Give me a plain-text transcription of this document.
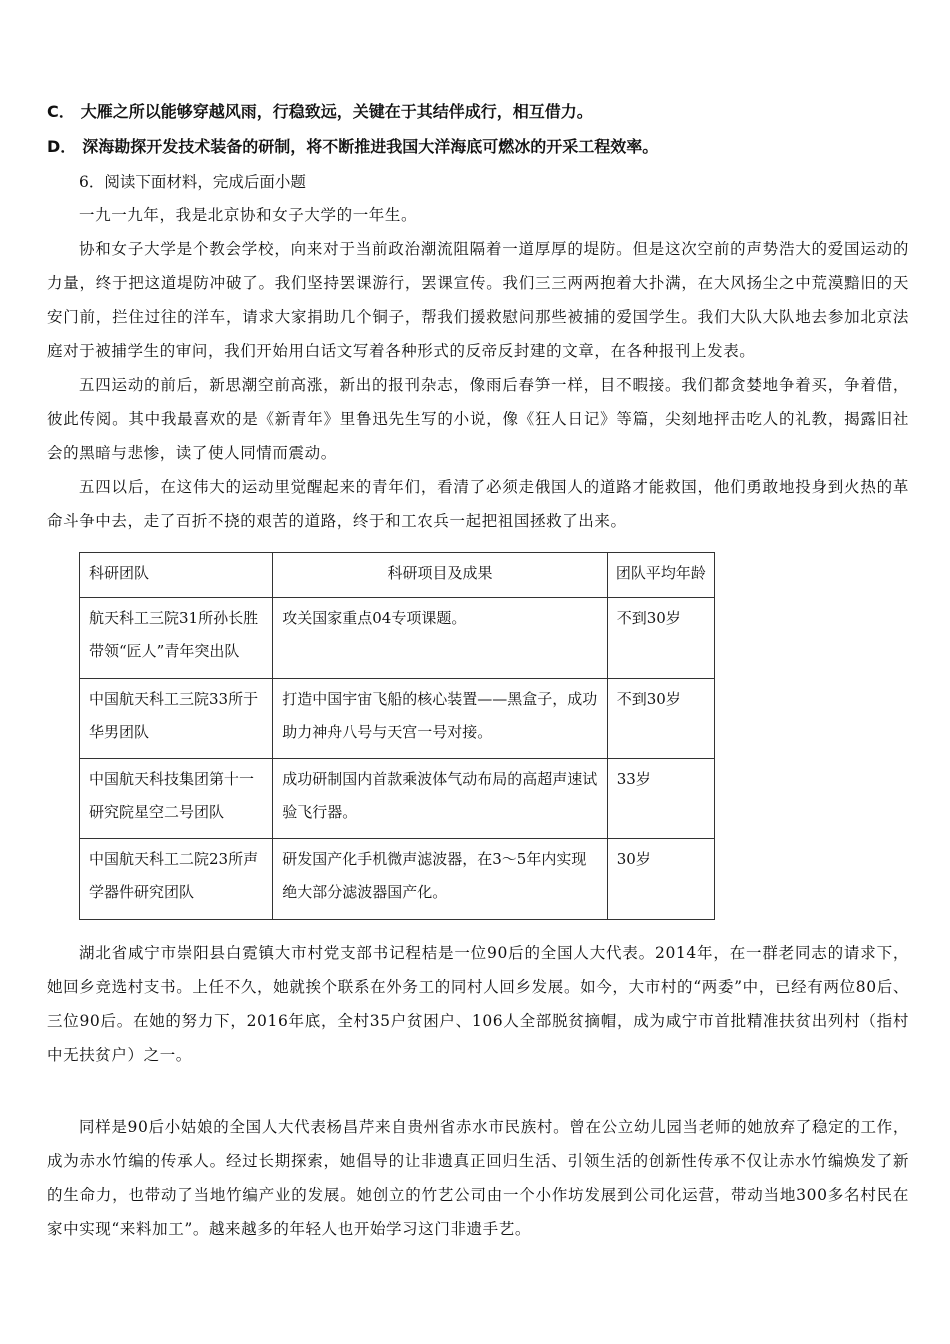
C． 大雁之所以能够穿越风雨，行稳致远，关键在于其结伴成行，相互借力。
D． 深海勘探开发技术装备的研制，将不断推进我国大洋海底可燃冰的开采工程效率。
6．阅读下面材料，完成后面小题
一九一九年，我是北京协和女子大学的一年生。
协和女子大学是个教会学校，向来对于当前政治潮流阻隔着一道厚厚的堤防。但是这次空前的声势浩大的爱国运动的力量，终于把这道堤防冲破了。我们坚持罢课游行，罢课宣传。我们三三两两抱着大扑满，在大风扬尘之中荒漠黯旧的天安门前，拦住过往的洋车，请求大家捐助几个铜子，帮我们援救慰问那些被捕的爱国学生。我们大队大队地去参加北京法庭对于被捕学生的审问，我们开始用白话文写着各种形式的反帝反封建的文章，在各种报刊上发表。
五四运动的前后，新思潮空前高涨，新出的报刊杂志，像雨后春笋一样，目不暇接。我们都贪婪地争着买，争着借，彼此传阅。其中我最喜欢的是《新青年》里鲁迅先生写的小说，像《狂人日记》等篇，尖刻地抨击吃人的礼教，揭露旧社会的黑暗与悲惨，读了使人同情而震动。
五四以后，在这伟大的运动里觉醒起来的青年们，看清了必须走俄国人的道路才能救国，他们勇敢地投身到火热的革命斗争中去，走了百折不挠的艰苦的道路，终于和工农兵一起把祖国拯救了出来。
科研团队	科研项目及成果	团队平均年龄
航天科工三院31所孙长胜带领“匠人”青年突出队	攻关国家重点04专项课题。	不到30岁
中国航天科工三院33所于华男团队	打造中国宇宙飞船的核心装置——黑盒子，成功助力神舟八号与天宫一号对接。	不到30岁
中国航天科技集团第十一研究院星空二号团队	成功研制国内首款乘波体气动布局的高超声速试验飞行器。	33岁
中国航天科工二院23所声学器件研究团队	研发国产化手机微声滤波器，在3～5年内实现绝大部分滤波器国产化。	30岁
湖北省咸宁市崇阳县白霓镇大市村党支部书记程桔是一位90后的全国人大代表。2014年，在一群老同志的请求下，她回乡竞选村支书。上任不久，她就挨个联系在外务工的同村人回乡发展。如今，大市村的“两委”中，已经有两位80后、三位90后。在她的努力下，2016年底，全村35户贫困户、106人全部脱贫摘帽，成为咸宁市首批精准扶贫出列村（指村中无扶贫户）之一。
同样是90后小姑娘的全国人大代表杨昌芹来自贵州省赤水市民族村。曾在公立幼儿园当老师的她放弃了稳定的工作，成为赤水竹编的传承人。经过长期探索，她倡导的让非遗真正回归生活、引领生活的创新性传承不仅让赤水竹编焕发了新的生命力，也带动了当地竹编产业的发展。她创立的竹艺公司由一个小作坊发展到公司化运营，带动当地300多名村民在家中实现“来料加工”。越来越多的年轻人也开始学习这门非遗手艺。
